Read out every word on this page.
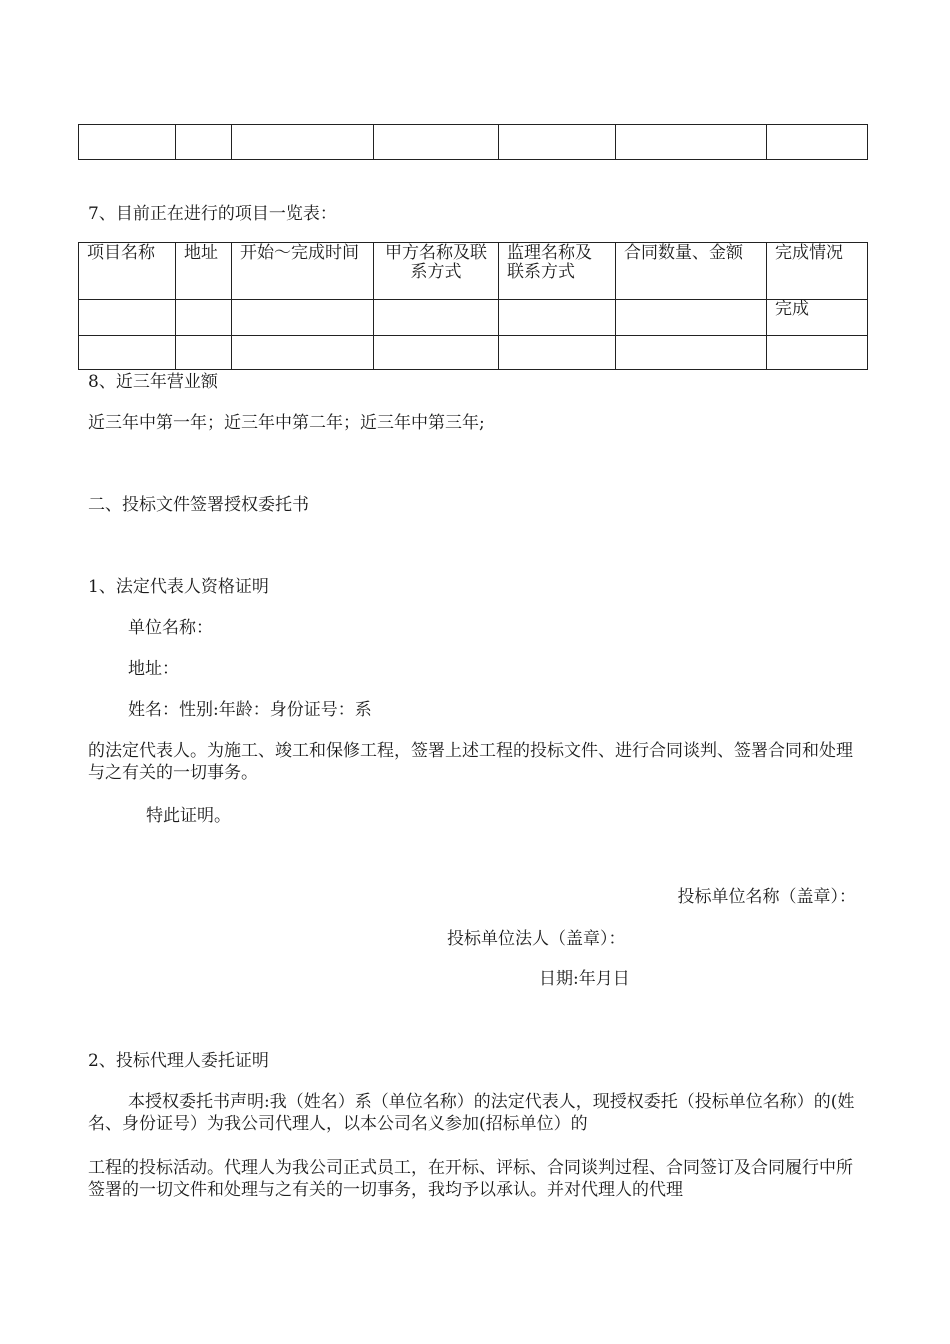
7、目前正在进行的项目一览表：

项目名称	地址	开始～完成时间	甲方名称及联系方式	监理名称及联系方式	合同数量、金额	完成情况
						完成

8、近三年营业额

近三年中第一年；近三年中第二年；近三年中第三年;

二、投标文件签署授权委托书

1、法定代表人资格证明

单位名称：

地址：

姓名：性别:年龄：身份证号：系

的法定代表人。为施工、竣工和保修工程，签署上述工程的投标文件、进行合同谈判、签署合同和处理与之有关的一切事务。

特此证明。

投标单位名称（盖章）：

投标单位法人（盖章）：

日期:年月日

2、投标代理人委托证明

本授权委托书声明:我（姓名）系（单位名称）的法定代表人，现授权委托（投标单位名称）的(姓名、身份证号）为我公司代理人，以本公司名义参加(招标单位）的

工程的投标活动。代理人为我公司正式员工，在开标、评标、合同谈判过程、合同签订及合同履行中所签署的一切文件和处理与之有关的一切事务，我均予以承认。并对代理人的代理
